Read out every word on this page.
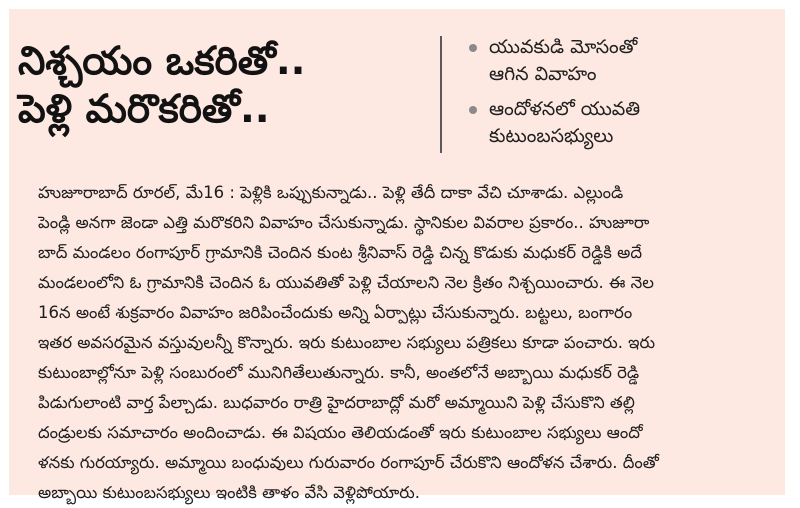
నిశ్చయం ఒకరితో..
పెళ్లి మరొకరితో..
యువకుడి మోసంతో
ఆగిన వివాహం
ఆందోళనలో యువతి
కుటుంబసభ్యులు
హుజూరాబాద్ రూరల్, మే16 : పెళ్లికి ఒప్పుకున్నాడు.. పెళ్లి తేదీ దాకా వేచి చూశాడు. ఎల్లుండి
పెండ్లి అనగా జెండా ఎత్తి మరొకరిని వివాహం చేసుకున్నాడు. స్థానికుల వివరాల ప్రకారం.. హుజూరా
బాద్ మండలం రంగాపూర్ గ్రామానికి చెందిన కుంట శ్రీనివాస్ రెడ్డి చిన్న కొడుకు మధుకర్ రెడ్డికి అదే
మండలంలోని ఓ గ్రామానికి చెందిన ఓ యువతితో పెళ్లి చేయాలని నెల క్రితం నిశ్చయించారు. ఈ నెల
16న అంటే శుక్రవారం వివాహం జరిపించేందుకు అన్ని ఏర్పాట్లు చేసుకున్నారు. బట్టలు, బంగారం
ఇతర అవసరమైన వస్తువులన్నీ కొన్నారు. ఇరు కుటుంబాల సభ్యులు పత్రికలు కూడా పంచారు. ఇరు
కుటుంబాల్లోనూ పెళ్లి సంబురంలో మునిగితేలుతున్నారు. కానీ, అంతలోనే అబ్బాయి మధుకర్ రెడ్డి
పిడుగులాంటి వార్త పేల్చాడు. బుధవారం రాత్రి హైదరాబాద్లో మరో అమ్మాయిని పెళ్లి చేసుకొని తల్లి
దండ్రులకు సమాచారం అందించాడు. ఈ విషయం తెలియడంతో ఇరు కుటుంబాల సభ్యులు ఆందో
ళనకు గురయ్యారు. అమ్మాయి బంధువులు గురువారం రంగాపూర్ చేరుకొని ఆందోళన చేశారు. దీంతో
అబ్బాయి కుటుంబసభ్యులు ఇంటికి తాళం వేసి వెళ్లిపోయారు.
